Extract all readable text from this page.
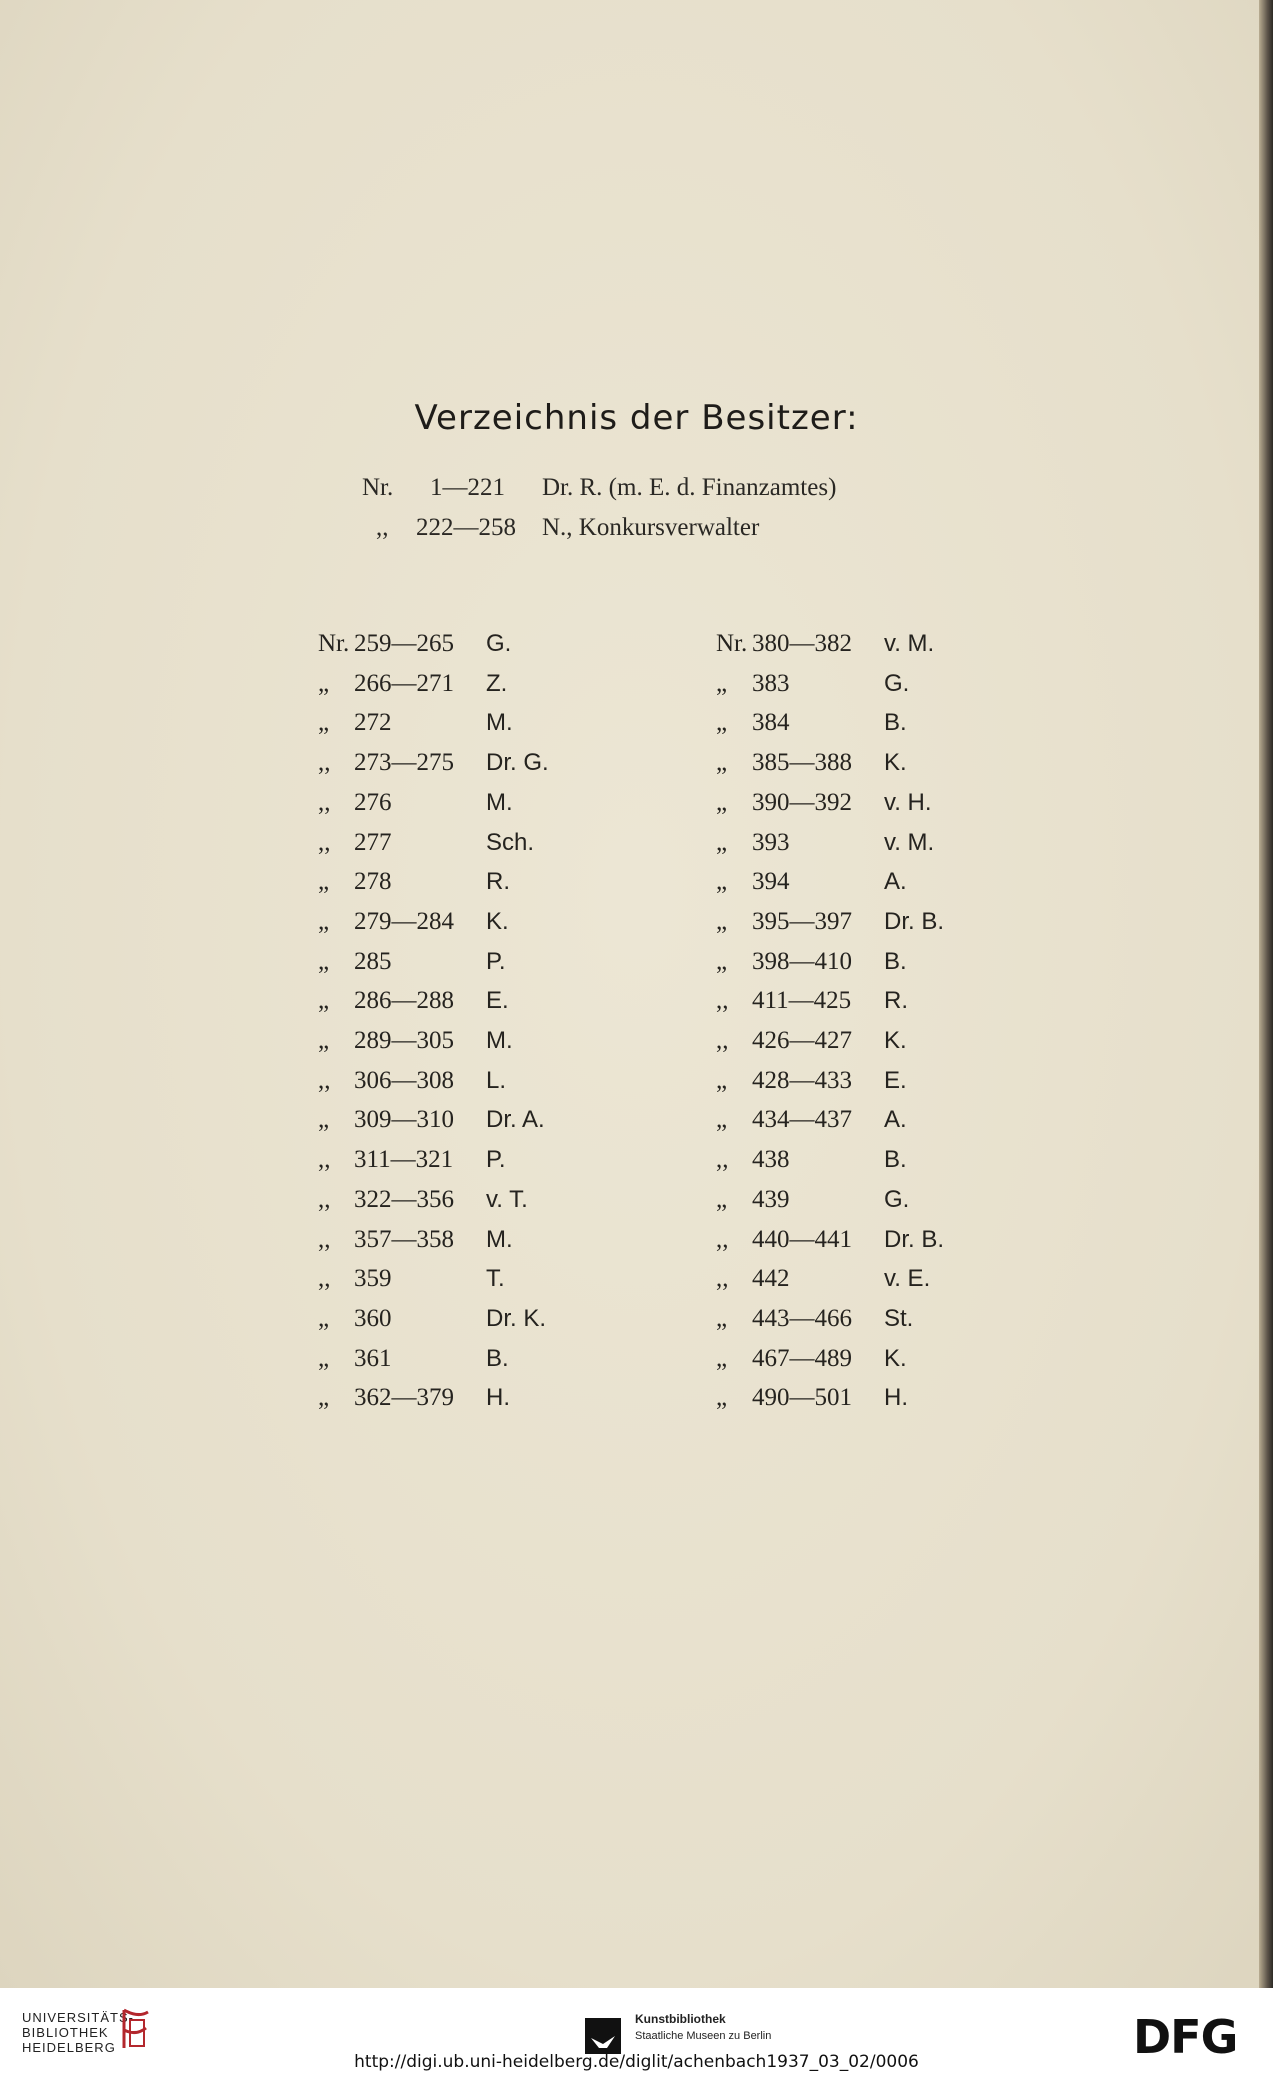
Verzeichnis der Besitzer:
Nr. 1—221 Dr. R. (m. E. d. Finanzamtes)
,, 222—258 N., Konkursverwalter
Nr. 259—265 G.
„ 266—271 Z.
„ 272	M.
,, 273—275 Dr. G.
,, 276	M.
,, 277	Sch.
„ 278	R.
„ 279—284 K.
„ 285	P.
„ 286—288 E.
„ 289—305 M.
,, 306—308 L.
„ 309—310 Dr. A.
,, 311—321 P.
,, 322—356 v. T.
,, 357—358 M.
,, 359	T.
„ 360	Dr. K.
„ 361	B.
„ 362—379 H.
Nr. 380—382 v. M.
„ 383	G.
„ 384	B.
„ 385—388 K.
„ 390—392 v. H.
„ 393	v. M.
„ 394	A.
„ 395—397 Dr. B.
„ 398—410 B.
,, 411—425 R.
,, 426—427 K.
„ 428—433 E.
„ 434—437 A.
,, 438	B.
„ 439	G.
,, 440—441 Dr. B.
,, 442	v. E.
„ 443—466 St.
„ 467—489 K.
„ 490—501 H.
UNIVERSITÄTS-
BIBLIOTHEK
HEIDELBERG
Kunstbibliothek
Staatliche Museen zu Berlin	DFG
http://digi.ub.uni-heidelberg.de/diglit/achenbach1937_03_02/0006
